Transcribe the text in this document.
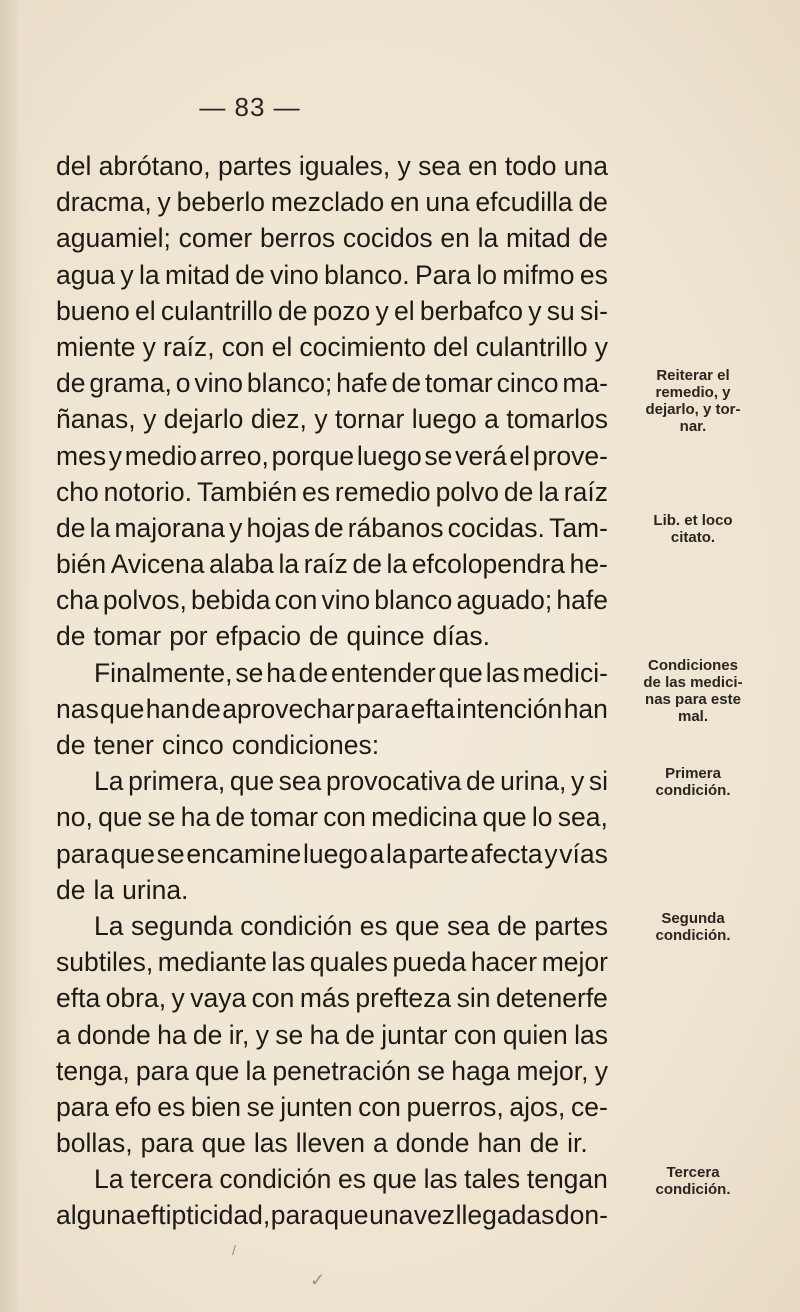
— 83 —
del abrótano, partes iguales, y sea en todo una
dracma, y beberlo mezclado en una efcudilla de
aguamiel; comer berros cocidos en la mitad de
agua y la mitad de vino blanco. Para lo mifmo es
bueno el culantrillo de pozo y el berbafco y su si-
miente y raíz, con el cocimiento del culantrillo y
de grama, o vino blanco; hafe de tomar cinco ma-
ñanas, y dejarlo diez, y tornar luego a tomarlos
mes y medio arreo, porque luego se verá el prove-
cho notorio. También es remedio polvo de la raíz
de la majorana y hojas de rábanos cocidas. Tam-
bién Avicena alaba la raíz de la efcolopendra he-
cha polvos, bebida con vino blanco aguado; hafe
de tomar por efpacio de quince días.
Finalmente, se ha de entender que las medici-
nas que han de aprovechar para efta intención han
de tener cinco condiciones:
La primera, que sea provocativa de urina, y si
no, que se ha de tomar con medicina que lo sea,
para que se encamine luego a la parte afecta y vías
de la urina.
La segunda condición es que sea de partes
subtiles, mediante las quales pueda hacer mejor
efta obra, y vaya con más prefteza sin detenerfe
a donde ha de ir, y se ha de juntar con quien las
tenga, para que la penetración se haga mejor, y
para efo es bien se junten con puerros, ajos, ce-
bollas, para que las lleven a donde han de ir.
La tercera condición es que las tales tengan
alguna eftipticidad, para que una vez llegadas don-
Reiterar el
remedio, y
dejarlo, y tor-
nar.
Lib. et loco
citato.
Condiciones
de las medici-
nas para este
mal.
Primera
condición.
Segunda
condición.
Tercera
condición.
✓
/
